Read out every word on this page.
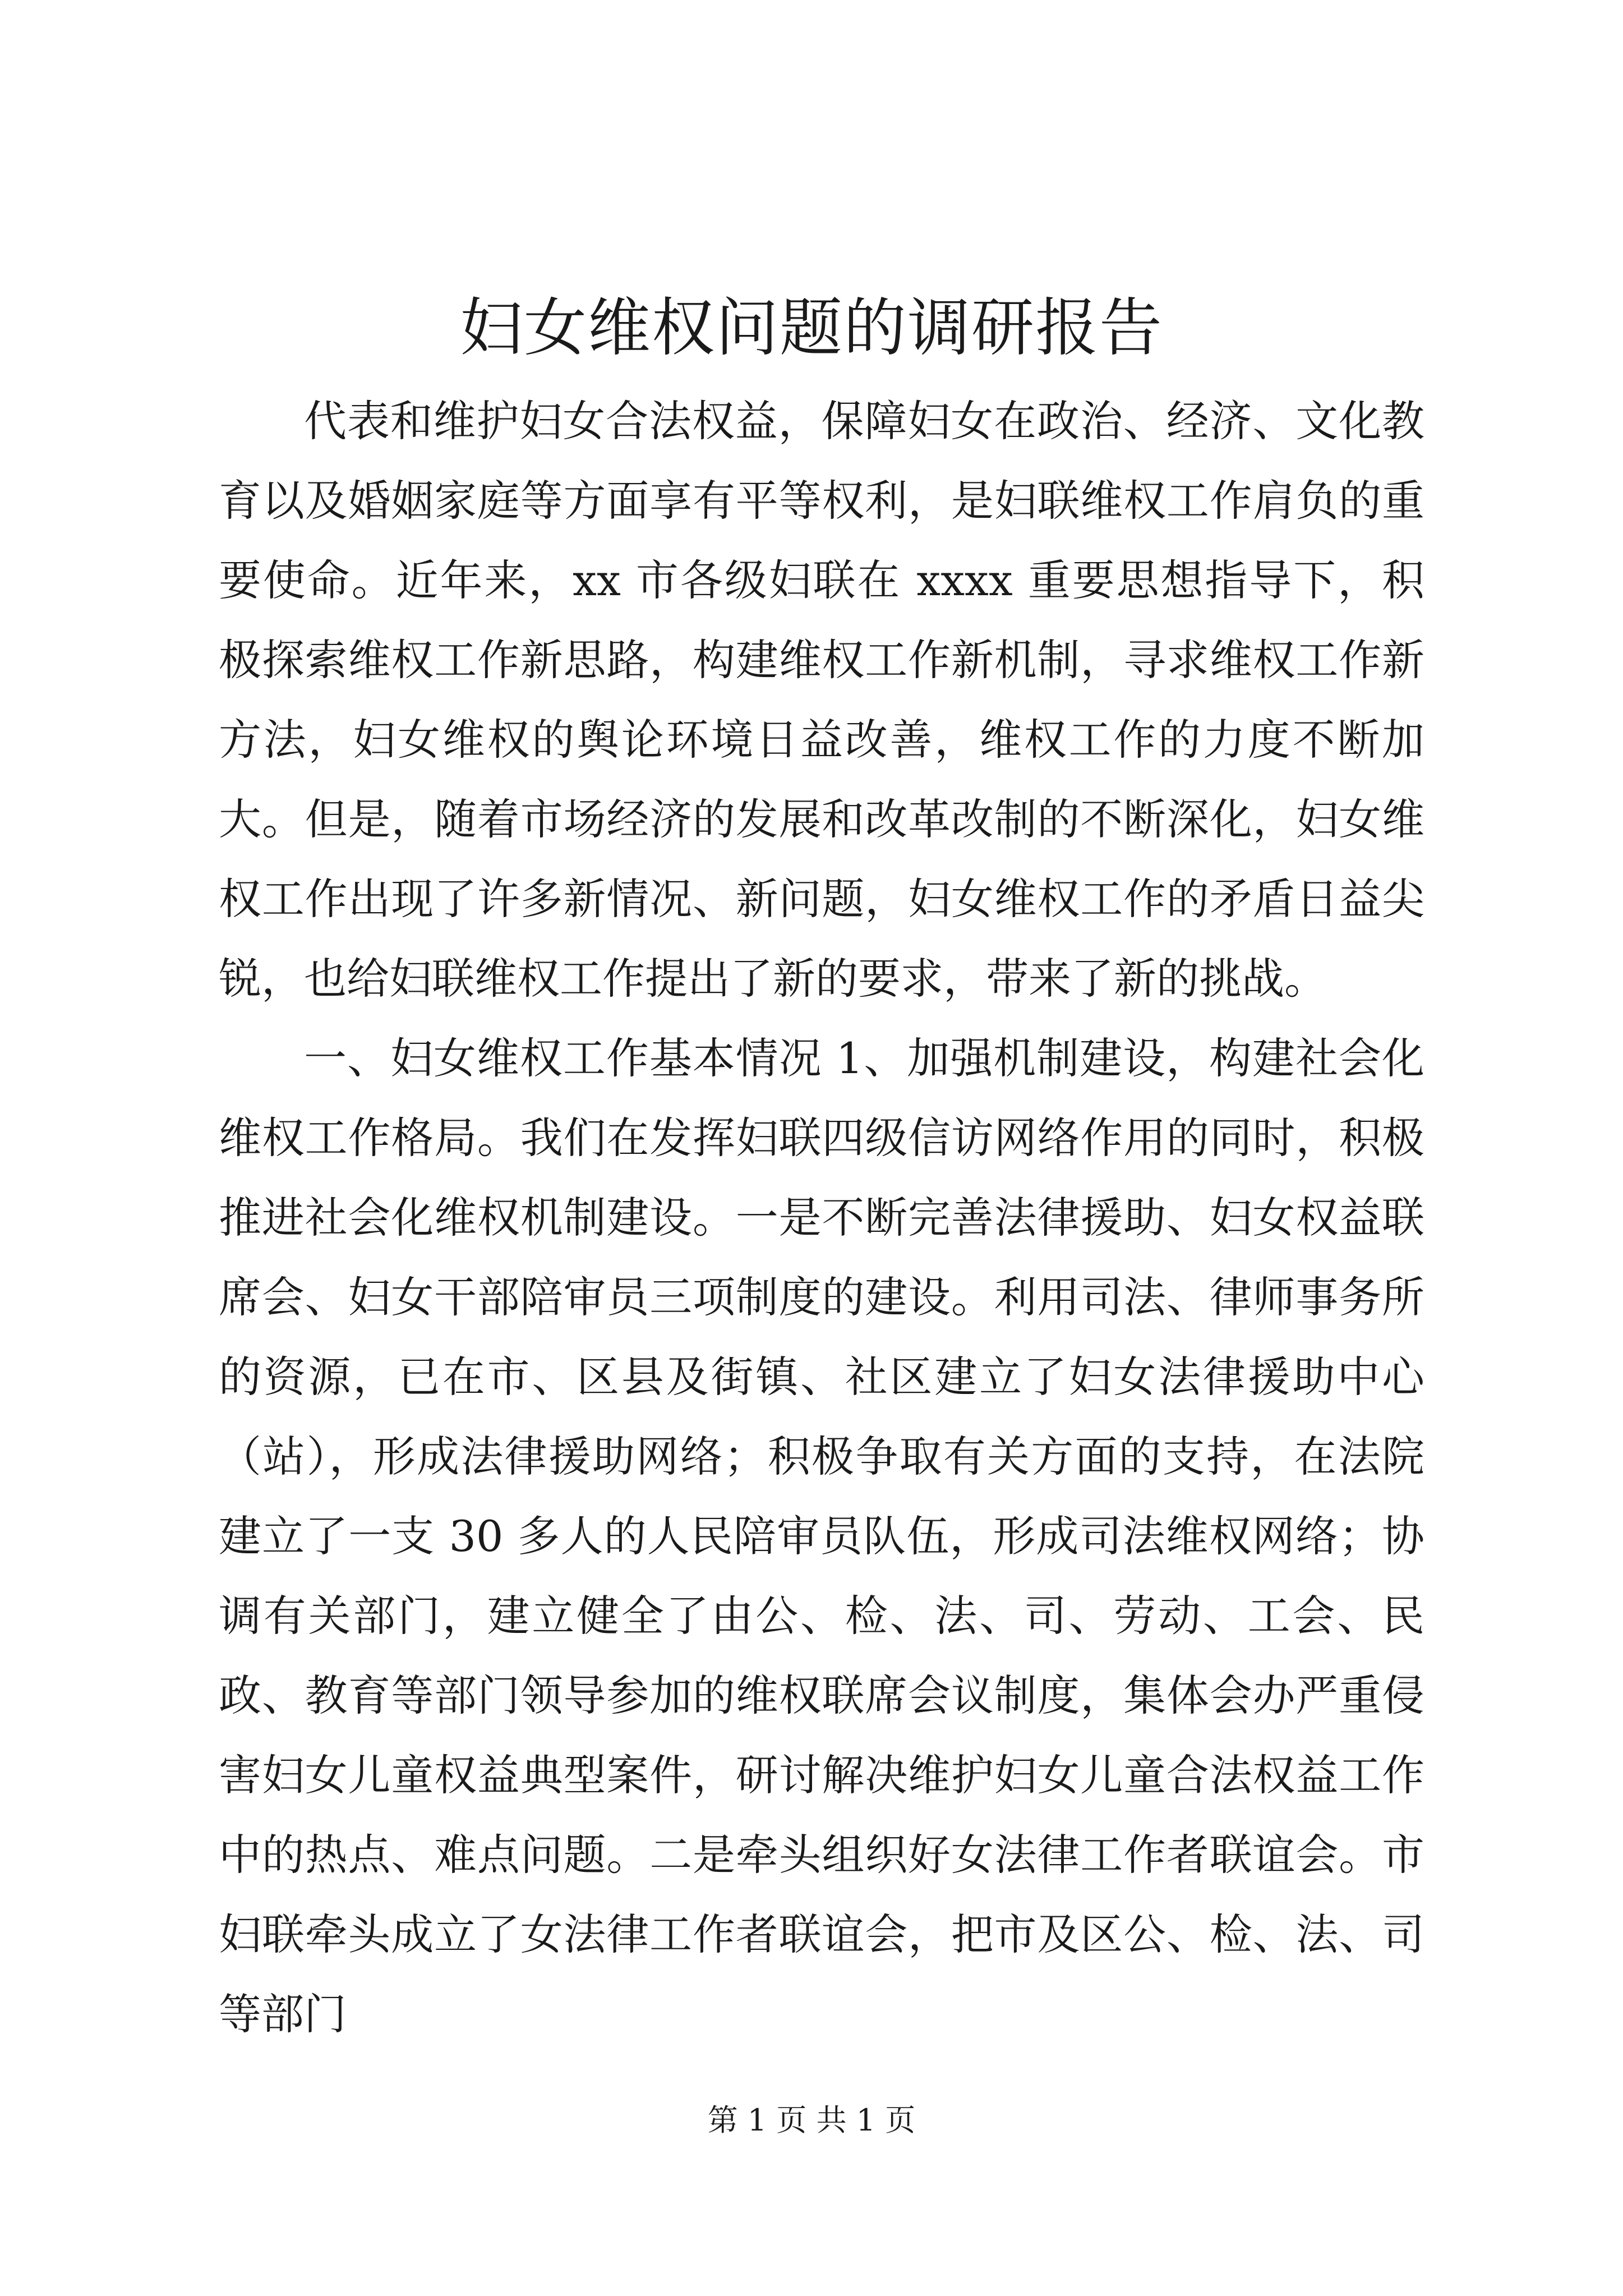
妇女维权问题的调研报告

代表和维护妇女合法权益，保障妇女在政治、经济、文化教育以及婚姻家庭等方面享有平等权利，是妇联维权工作肩负的重要使命。近年来，xx 市各级妇联在 xxxx 重要思想指导下，积极探索维权工作新思路，构建维权工作新机制，寻求维权工作新方法，妇女维权的舆论环境日益改善，维权工作的力度不断加大。但是，随着市场经济的发展和改革改制的不断深化，妇女维权工作出现了许多新情况、新问题，妇女维权工作的矛盾日益尖锐，也给妇联维权工作提出了新的要求，带来了新的挑战。

一、妇女维权工作基本情况 1、加强机制建设，构建社会化维权工作格局。我们在发挥妇联四级信访网络作用的同时，积极推进社会化维权机制建设。一是不断完善法律援助、妇女权益联席会、妇女干部陪审员三项制度的建设。利用司法、律师事务所的资源，已在市、区县及街镇、社区建立了妇女法律援助中心（站），形成法律援助网络；积极争取有关方面的支持，在法院建立了一支 30 多人的人民陪审员队伍，形成司法维权网络；协调有关部门，建立健全了由公、检、法、司、劳动、工会、民政、教育等部门领导参加的维权联席会议制度，集体会办严重侵害妇女儿童权益典型案件，研讨解决维护妇女儿童合法权益工作中的热点、难点问题。二是牵头组织好女法律工作者联谊会。市妇联牵头成立了女法律工作者联谊会，把市及区公、检、法、司等部门

第 1 页 共 1 页
